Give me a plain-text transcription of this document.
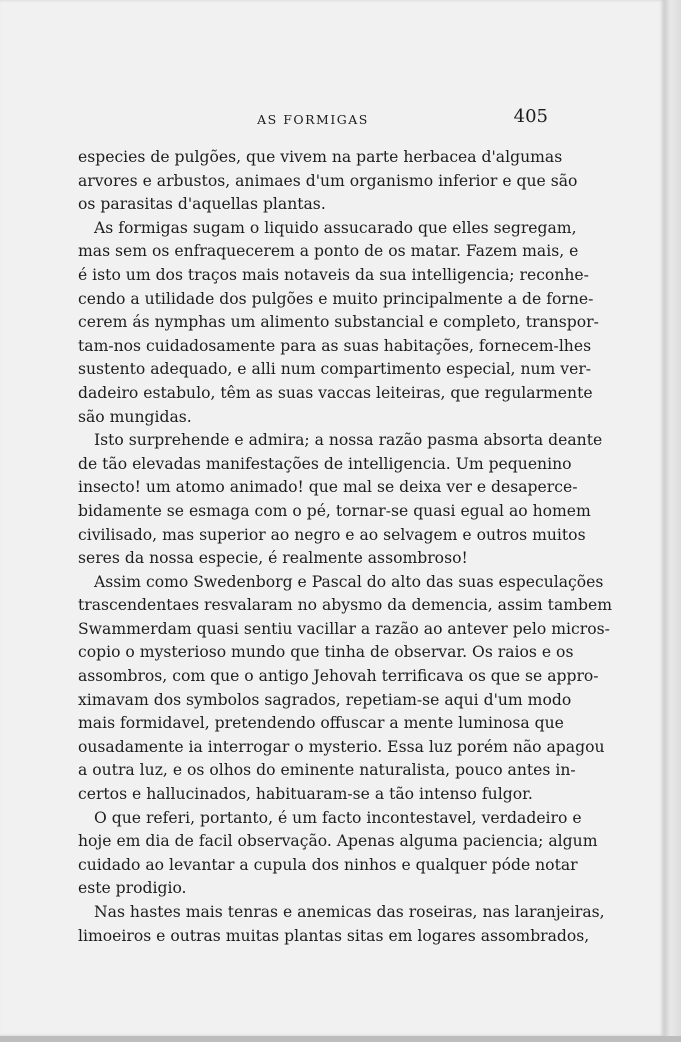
AS FORMIGAS	405
especies de pulgões, que vivem na parte herbacea d'algumas
arvores e arbustos, animaes d'um organismo inferior e que são
os parasitas d'aquellas plantas.
As formigas sugam o liquido assucarado que elles segregam,
mas sem os enfraquecerem a ponto de os matar. Fazem mais, e
é isto um dos traços mais notaveis da sua intelligencia; reconhe-
cendo a utilidade dos pulgões e muito principalmente a de forne-
cerem ás nymphas um alimento substancial e completo, transpor-
tam-nos cuidadosamente para as suas habitações, fornecem-lhes
sustento adequado, e alli num compartimento especial, num ver-
dadeiro estabulo, têm as suas vaccas leiteiras, que regularmente
são mungidas.
Isto surprehende e admira; a nossa razão pasma absorta deante
de tão elevadas manifestações de intelligencia. Um pequenino
insecto! um atomo animado! que mal se deixa ver e desaperce-
bidamente se esmaga com o pé, tornar-se quasi egual ao homem
civilisado, mas superior ao negro e ao selvagem e outros muitos
seres da nossa especie, é realmente assombroso!
Assim como Swedenborg e Pascal do alto das suas especulações
trascendentaes resvalaram no abysmo da demencia, assim tambem
Swammerdam quasi sentiu vacillar a razão ao antever pelo micros-
copio o mysterioso mundo que tinha de observar. Os raios e os
assombros, com que o antigo Jehovah terrificava os que se appro-
ximavam dos symbolos sagrados, repetiam-se aqui d'um modo
mais formidavel, pretendendo offuscar a mente luminosa que
ousadamente ia interrogar o mysterio. Essa luz porém não apagou
a outra luz, e os olhos do eminente naturalista, pouco antes in-
certos e hallucinados, habituaram-se a tão intenso fulgor.
O que referi, portanto, é um facto incontestavel, verdadeiro e
hoje em dia de facil observação. Apenas alguma paciencia; algum
cuidado ao levantar a cupula dos ninhos e qualquer póde notar
este prodigio.
Nas hastes mais tenras e anemicas das roseiras, nas laranjeiras,
limoeiros e outras muitas plantas sitas em logares assombrados,
